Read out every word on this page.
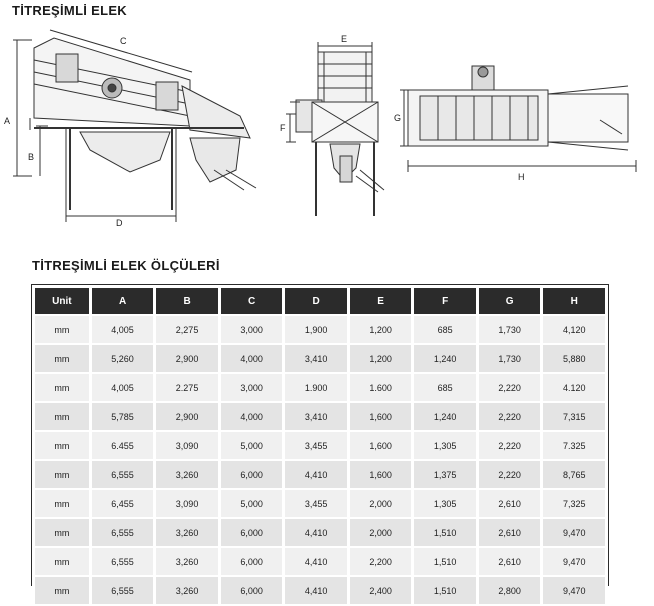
TİTREŞİMLİ ELEK
A
B
C
D
E
F
G
H
TİTREŞİMLİ ELEK ÖLÇÜLERİ
Unit	A	B	C	D	E	F	G	H
mm	4,005	2,275	3,000	1,900	1,200	685	1,730	4,120
mm	5,260	2,900	4,000	3,410	1,200	1,240	1,730	5,880
mm	4,005	2.275	3,000	1.900	1.600	685	2,220	4.120
mm	5,785	2,900	4,000	3,410	1,600	1,240	2,220	7,315
mm	6.455	3,090	5,000	3,455	1,600	1,305	2,220	7.325
mm	6,555	3,260	6,000	4,410	1,600	1,375	2,220	8,765
mm	6,455	3,090	5,000	3,455	2,000	1,305	2,610	7,325
mm	6,555	3,260	6,000	4,410	2,000	1,510	2,610	9,470
mm	6,555	3,260	6,000	4,410	2,200	1,510	2,610	9,470
mm	6,555	3,260	6,000	4,410	2,400	1,510	2,800	9,470
